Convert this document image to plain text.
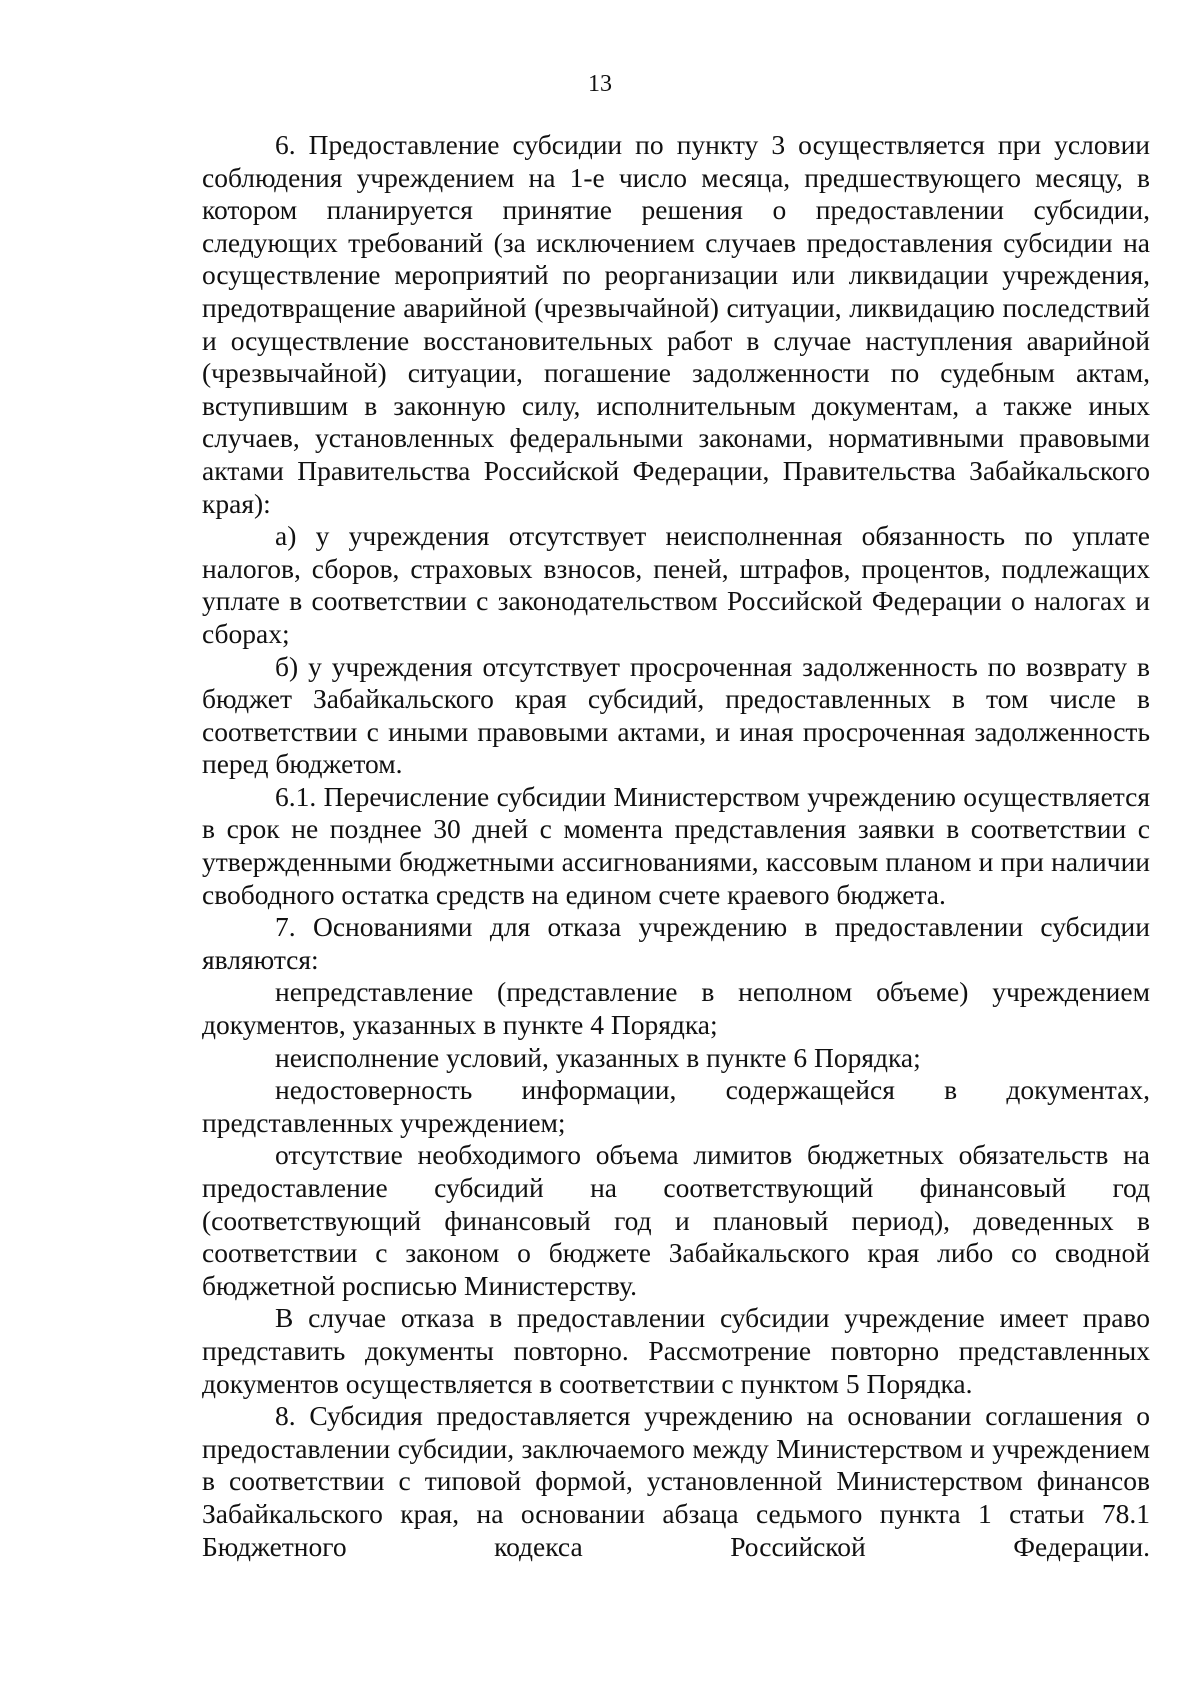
13

6. Предоставление субсидии по пункту 3 осуществляется при условии соблюдения учреждением на 1-е число месяца, предшествующего месяцу, в котором планируется принятие решения о предоставлении субсидии, следующих требований (за исключением случаев предоставления субсидии на осуществление мероприятий по реорганизации или ликвидации учреждения, предотвращение аварийной (чрезвычайной) ситуации, ликвидацию последствий и осуществление восстановительных работ в случае наступления аварийной (чрезвычайной) ситуации, погашение задолженности по судебным актам, вступившим в законную силу, исполнительным документам, а также иных случаев, установленных федеральными законами, нормативными правовыми актами Правительства Российской Федерации, Правительства Забайкальского края):

а) у учреждения отсутствует неисполненная обязанность по уплате налогов, сборов, страховых взносов, пеней, штрафов, процентов, подлежащих уплате в соответствии с законодательством Российской Федерации о налогах и сборах;

б) у учреждения отсутствует просроченная задолженность по возврату в бюджет Забайкальского края субсидий, предоставленных в том числе в соответствии с иными правовыми актами, и иная просроченная задолженность перед бюджетом.

6.1. Перечисление субсидии Министерством учреждению осуществляется в срок не позднее 30 дней с момента представления заявки в соответствии с утвержденными бюджетными ассигнованиями, кассовым планом и при наличии свободного остатка средств на едином счете краевого бюджета.

7. Основаниями для отказа учреждению в предоставлении субсидии являются:

непредставление (представление в неполном объеме) учреждением документов, указанных в пункте 4 Порядка;

неисполнение условий, указанных в пункте 6 Порядка;

недостоверность информации, содержащейся в документах, представленных учреждением;

отсутствие необходимого объема лимитов бюджетных обязательств на предоставление субсидий на соответствующий финансовый год (соответствующий финансовый год и плановый период), доведенных в соответствии с законом о бюджете Забайкальского края либо со сводной бюджетной росписью Министерству.

В случае отказа в предоставлении субсидии учреждение имеет право представить документы повторно. Рассмотрение повторно представленных документов осуществляется в соответствии с пунктом 5 Порядка.

8. Субсидия предоставляется учреждению на основании соглашения о предоставлении субсидии, заключаемого между Министерством и учреждением в соответствии с типовой формой, установленной Министерством финансов Забайкальского края, на основании абзаца седьмого пункта 1 статьи 78.1 Бюджетного кодекса Российской Федерации.
